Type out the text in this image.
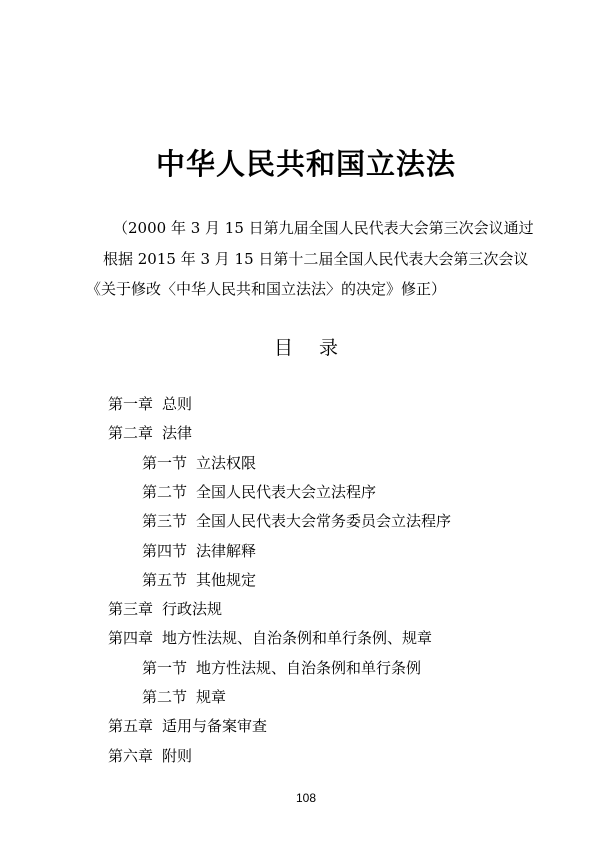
中华人民共和国立法法
（2000 年 3 月 15 日第九届全国人民代表大会第三次会议通过
根据 2015 年 3 月 15 日第十二届全国人民代表大会第三次会议
《关于修改〈中华人民共和国立法法〉的决定》修正）
目 录
第一章 总则
第二章 法律
第一节 立法权限
第二节 全国人民代表大会立法程序
第三节 全国人民代表大会常务委员会立法程序
第四节 法律解释
第五节 其他规定
第三章 行政法规
第四章 地方性法规、自治条例和单行条例、规章
第一节 地方性法规、自治条例和单行条例
第二节 规章
第五章 适用与备案审查
第六章 附则
108
